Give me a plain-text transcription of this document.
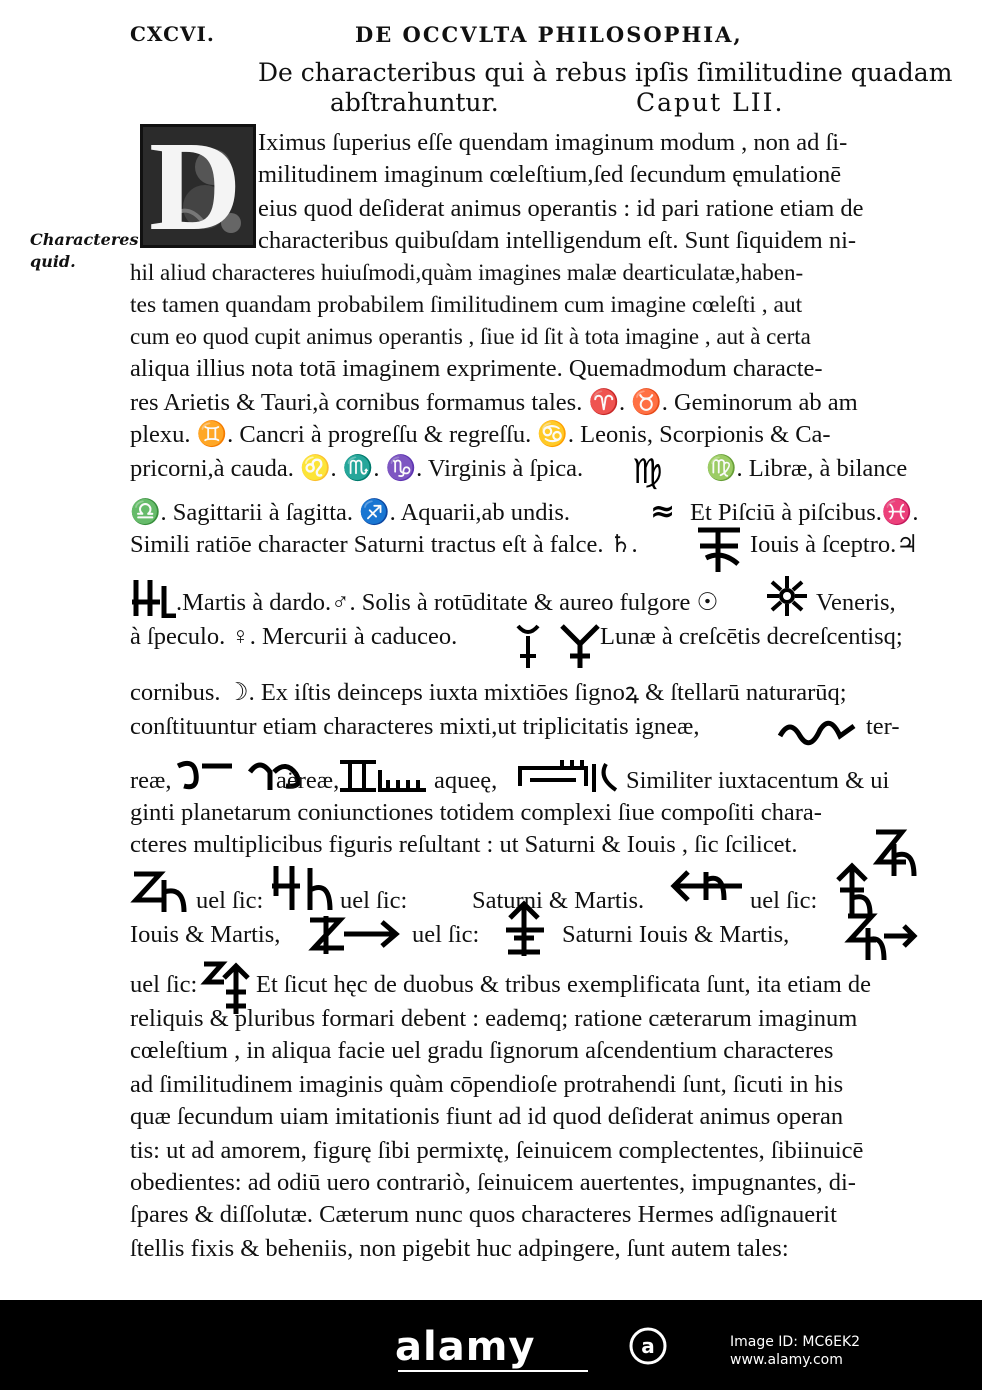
CXCVI.	DE OCCVLTA PHILOSOPHIA,
De characteribus qui à rebus ipſis ſimilitudine quadam
abſtrahuntur.	Caput LII.
D
Characteres
quid.
Iximus ſuperius eſſe quendam imaginum modum , non ad ſi-
militudinem imaginum cœleſtium,ſed ſecundum ęmulationē
eius quod deſiderat animus operantis : id pari ratione etiam de
characteribus quibuſdam intelligendum eſt. Sunt ſiquidem ni-
hil aliud characteres huiuſmodi,quàm imagines malæ dearticulatæ,haben-
tes tamen quandam probabilem ſimilitudinem cum imagine cœleſti , aut
cum eo quod cupit animus operantis , ſiue id ſit à tota imagine , aut à certa
aliqua illius nota totā imaginem exprimente. Quemadmodum characte-
res Arietis & Tauri,à cornibus formamus tales. ♈. ♉. Geminorum ab am
plexu. ♊. Cancri à progreſſu & regreſſu. ♋. Leonis, Scorpionis & Ca-
pricorni,à cauda. ♌. ♏. ♑. Virginis à ſpica. ♍ ♍. Libræ, à bilance
♎. Sagittarii à ſagitta. ♐. Aquarii,ab undis.	≈ Et Piſciū à piſcibus.♓.
Simili ratiōe character Saturni tractus eſt à falce. ♄.	Iouis à ſceptro.♃
.Martis à dardo.♂. Solis à rotūditate & aureo fulgore ☉	Veneris,
à ſpeculo. ♀. Mercurii à caduceo.	Lunæ à creſcētis decreſcentisq;
cornibus. ☽. Ex iſtis deinceps iuxta mixtiōes ſignoꝝ & ſtellarū naturarūq;
conſtituuntur etiam characteres mixti,ut triplicitatis igneæ,	ter-
reæ,	aëreæ,	aqueę,	Similiter iuxtacentum & ui
ginti planetarum coniunctiones totidem complexi ſiue compoſiti chara-
cteres multiplicibus figuris reſultant : ut Saturni & Iouis , ſic ſcilicet.
uel ſic:	uel ſic:	Saturni & Martis.	uel ſic:
Iouis & Martis,	uel ſic:	Saturni Iouis & Martis,
uel ſic: Et ſicut hęc de duobus & tribus exemplificata ſunt, ita etiam de
reliquis & pluribus formari debent : eademq; ratione cæterarum imaginum
cœleſtium , in aliqua facie uel gradu ſignorum aſcendentium characteres
ad ſimilitudinem imaginis quàm cōpendioſe protrahendi ſunt, ſicuti in his
quæ ſecundum uiam imitationis fiunt ad id quod deſiderat animus operan
tis: ut ad amorem, figurę ſibi permixtę, ſeinuicem complectentes, ſibiinuicē
obedientes: ad odiū uero contrariò, ſeinuicem auertentes, impugnantes, di-
ſpares & diſſolutæ. Cæterum nunc quos characteres Hermes adſignauerit
ſtellis fixis & beheniis, non pigebit huc adpingere, ſunt autem tales:
alamy	a	Image ID: MC6EK2
www.alamy.com
